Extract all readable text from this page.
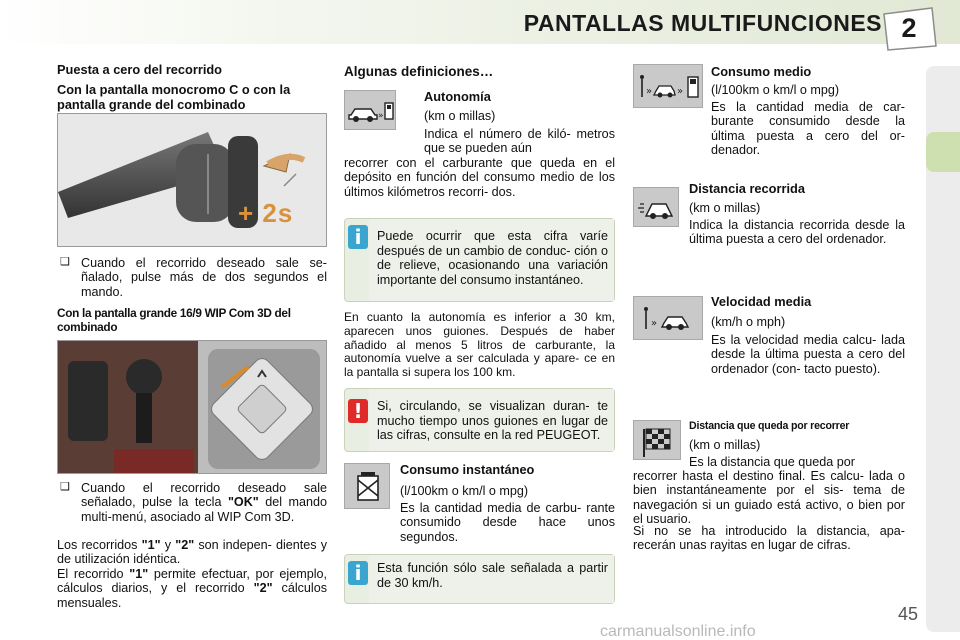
PANTALLAS MULTIFUNCIONES 2
Puesta a cero del recorrido
Con la pantalla monocromo C o con la pantalla grande del combinado
+ 2s
❑ Cuando el recorrido deseado sale se- ñalado, pulse más de dos segundos el mando.
Con la pantalla grande 16/9 WIP Com 3D del combinado
❑ Cuando el recorrido deseado sale señalado, pulse la tecla "OK" del mando multi-menú, asociado al WIP Com 3D.
Los recorridos "1" y "2" son indepen- dientes y de utilización idéntica.
El recorrido "1" permite efectuar, por ejemplo, cálculos diarios, y el recorrido "2" cálculos mensuales.
Algunas definiciones…
»
Autonomía
(km o millas)
Indica el número de kiló- metros que se pueden aún
recorrer con el carburante que queda en el depósito en función del consumo medio de los últimos kilómetros recorri- dos.
i	Puede ocurrir que esta cifra varíe después de un cambio de conduc- ción o de relieve, ocasionando una variación importante del consumo instantáneo.
En cuanto la autonomía es inferior a 30 km, aparecen unos guiones. Después de haber añadido al menos 5 litros de carburante, la autonomía vuelve a ser calculada y apare- ce en la pantalla si supera los 100 km.
!	Si, circulando, se visualizan duran- te mucho tiempo unos guiones en lugar de las cifras, consulte en la red PEUGEOT.
Consumo instantáneo
(l/100km o km/l o mpg)
Es la cantidad media de carbu- rante consumido desde hace unos segundos.
i	Esta función sólo sale señalada a partir de 30 km/h.
» »
Consumo medio
(l/100km o km/l o mpg)
Es la cantidad media de car- burante consumido desde la última puesta a cero del or- denador.
Distancia recorrida
(km o millas)
Indica la distancia recorrida desde la última puesta a cero del ordenador.
»
Velocidad media
(km/h o mph)
Es la velocidad media calcu- lada desde la última puesta a cero del ordenador (con- tacto puesto).
Distancia que queda por recorrer
(km o millas)
Es la distancia que queda por
recorrer hasta el destino final. Es calcu- lada o bien instantáneamente por el sis- tema de navegación si un guiado está activo, o bien por el usuario.
Si no se ha introducido la distancia, apa- recerán unas rayitas en lugar de cifras.
45
carmanualsonline.info
